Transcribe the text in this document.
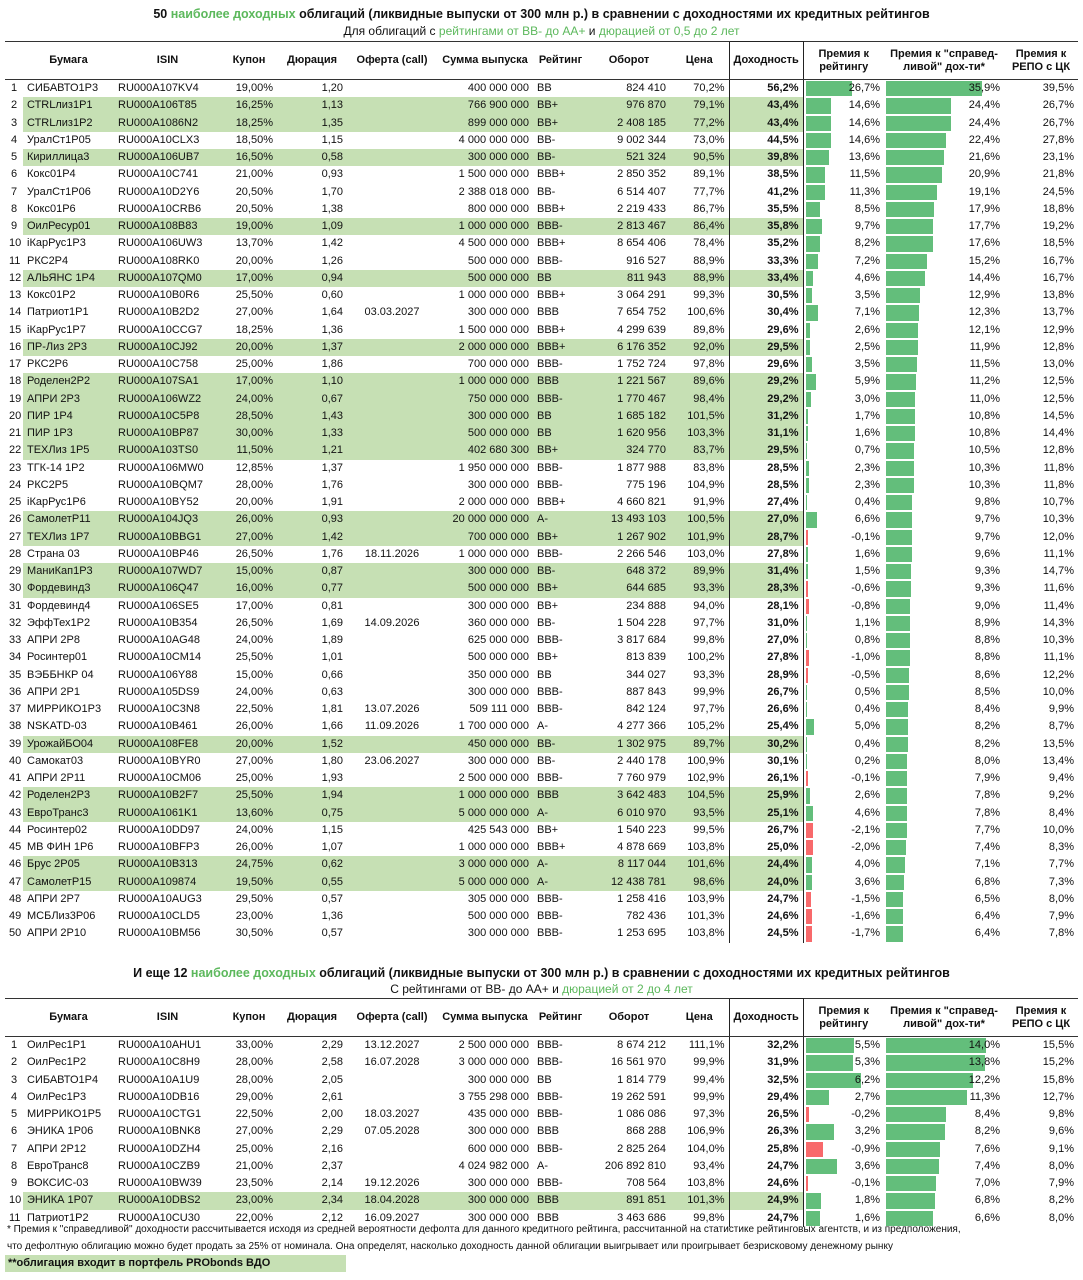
50 наиболее доходных облигаций (ликвидные выпуски от 300 млн р.) в сравнении с доходностями их кредитных рейтингов
Для облигаций с рейтингами от BB- до AA+ и дюрацией от 0,5 до 2 лет
	Бумага	ISIN	Купон	Дюрация	Оферта (call)	Сумма выпуска	Рейтинг	Оборот	Цена	Доходность	Премия к рейтингу	Премия к "справед-ливой" дох-ти*	Премия к РЕПО с ЦК
1	СИБАВТО1Р3	RU000A107KV4	19,00%	1,20		400 000 000	BB	824 410	70,2%	56,2%	26,7%	35,9%	39,5%
2	СТRLлиз1P1	RU000A106T85	16,25%	1,13		766 900 000	BB+	976 870	79,1%	43,4%	14,6%	24,4%	26,7%
3	СТRLлиз1P2	RU000A1086N2	18,25%	1,35		899 000 000	BB+	2 408 185	77,2%	43,4%	14,6%	24,4%	26,7%
4	УралСт1Р05	RU000A10CLX3	18,50%	1,15		4 000 000 000	BB-	9 002 344	73,0%	44,5%	14,6%	22,4%	27,8%
5	Кириллица3	RU000A106UB7	16,50%	0,58		300 000 000	BB-	521 324	90,5%	39,8%	13,6%	21,6%	23,1%
6	Кокс01Р4	RU000A10C741	21,00%	0,93		1 500 000 000	BBB+	2 850 352	89,1%	38,5%	11,5%	20,9%	21,8%
7	УралСт1Р06	RU000A10D2Y6	20,50%	1,70		2 388 018 000	BB-	6 514 407	77,7%	41,2%	11,3%	19,1%	24,5%
8	Кокс01Р6	RU000A10CRB6	20,50%	1,38		800 000 000	BBB+	2 219 433	86,7%	35,5%	8,5%	17,9%	18,8%
9	ОилРесур01	RU000A108B83	19,00%	1,09		1 000 000 000	BBB-	2 813 467	86,4%	35,8%	9,7%	17,7%	19,2%
10	iКарРус1Р3	RU000A106UW3	13,70%	1,42		4 500 000 000	BBB+	8 654 406	78,4%	35,2%	8,2%	17,6%	18,5%
11	РКС2Р4	RU000A108RK0	20,00%	1,26		500 000 000	BBB-	916 527	88,9%	33,3%	7,2%	15,2%	16,7%
12	АЛЬЯНС 1Р4	RU000A107QM0	17,00%	0,94		500 000 000	BB	811 943	88,9%	33,4%	4,6%	14,4%	16,7%
13	Кокс01Р2	RU000A10B0R6	25,50%	0,60		1 000 000 000	BBB+	3 064 291	99,3%	30,5%	3,5%	12,9%	13,8%
14	Патриот1Р1	RU000A10B2D2	27,00%	1,64	03.03.2027	300 000 000	BBB	7 654 752	100,6%	30,4%	7,1%	12,3%	13,7%
15	iКарРус1Р7	RU000A10CCG7	18,25%	1,36		1 500 000 000	BBB+	4 299 639	89,8%	29,6%	2,6%	12,1%	12,9%
16	ПР-Лиз 2Р3	RU000A10CJ92	20,00%	1,37		2 000 000 000	BBB+	6 176 352	92,0%	29,5%	2,5%	11,9%	12,8%
17	РКС2Р6	RU000A10C758	25,00%	1,86		700 000 000	BBB-	1 752 724	97,8%	29,6%	3,5%	11,5%	13,0%
18	Роделен2Р2	RU000A107SA1	17,00%	1,10		1 000 000 000	BBB	1 221 567	89,6%	29,2%	5,9%	11,2%	12,5%
19	АПРИ 2Р3	RU000A106WZ2	24,00%	0,67		750 000 000	BBB-	1 770 467	98,4%	29,2%	3,0%	11,0%	12,5%
20	ПИР 1Р4	RU000A10C5P8	28,50%	1,43		300 000 000	BB	1 685 182	101,5%	31,2%	1,7%	10,8%	14,5%
21	ПИР 1Р3	RU000A10BP87	30,00%	1,33		500 000 000	BB	1 620 956	103,3%	31,1%	1,6%	10,8%	14,4%
22	ТЕХЛиз 1Р5	RU000A103TS0	11,50%	1,21		402 680 300	BB+	324 770	83,7%	29,5%	0,7%	10,5%	12,8%
23	ТГК-14 1Р2	RU000A106MW0	12,85%	1,37		1 950 000 000	BBB-	1 877 988	83,8%	28,5%	2,3%	10,3%	11,8%
24	РКС2Р5	RU000A10BQM7	28,00%	1,76		300 000 000	BBB-	775 196	104,9%	28,5%	2,3%	10,3%	11,8%
25	iКарРус1Р6	RU000A10BY52	20,00%	1,91		2 000 000 000	BBB+	4 660 821	91,9%	27,4%	0,4%	9,8%	10,7%
26	СамолетР11	RU000A104JQ3	26,00%	0,93		20 000 000 000	A-	13 493 103	100,5%	27,0%	6,6%	9,7%	10,3%
27	ТЕХЛиз 1Р7	RU000A10BBG1	27,00%	1,42		700 000 000	BB+	1 267 902	101,9%	28,7%	-0,1%	9,7%	12,0%
28	Страна 03	RU000A10BP46	26,50%	1,76	18.11.2026	1 000 000 000	BBB-	2 266 546	103,0%	27,8%	1,6%	9,6%	11,1%
29	МаниКап1Р3	RU000A107WD7	15,00%	0,87		300 000 000	BB-	648 372	89,9%	31,4%	1,5%	9,3%	14,7%
30	Фордевинд3	RU000A106Q47	16,00%	0,77		500 000 000	BB+	644 685	93,3%	28,3%	-0,6%	9,3%	11,6%
31	Фордевинд4	RU000A106SE5	17,00%	0,81		300 000 000	BB+	234 888	94,0%	28,1%	-0,8%	9,0%	11,4%
32	ЭффТех1Р2	RU000A10B354	26,50%	1,69	14.09.2026	360 000 000	BB-	1 504 228	97,7%	31,0%	1,1%	8,9%	14,3%
33	АПРИ 2Р8	RU000A10AG48	24,00%	1,89		625 000 000	BBB-	3 817 684	99,8%	27,0%	0,8%	8,8%	10,3%
34	Росинтер01	RU000A10CM14	25,50%	1,01		500 000 000	BB+	813 839	100,2%	27,8%	-1,0%	8,8%	11,1%
35	ВЭББНКР 04	RU000A106Y88	15,00%	0,66		350 000 000	BB	344 027	93,3%	28,9%	-0,5%	8,6%	12,2%
36	АПРИ 2Р1	RU000A105DS9	24,00%	0,63		300 000 000	BBB-	887 843	99,9%	26,7%	0,5%	8,5%	10,0%
37	МИРРИКО1Р3	RU000A10C3N8	22,50%	1,81	13.07.2026	509 111 000	BBB-	842 124	97,7%	26,6%	0,4%	8,4%	9,9%
38	NSKATD-03	RU000A10B461	26,00%	1,66	11.09.2026	1 700 000 000	A-	4 277 366	105,2%	25,4%	5,0%	8,2%	8,7%
39	УрожайБО04	RU000A108FE8	20,00%	1,52		450 000 000	BB-	1 302 975	89,7%	30,2%	0,4%	8,2%	13,5%
40	Самокат03	RU000A10BYR0	27,00%	1,80	23.06.2027	300 000 000	BB-	2 440 178	100,9%	30,1%	0,2%	8,0%	13,4%
41	АПРИ 2Р11	RU000A10CM06	25,00%	1,93		2 500 000 000	BBB-	7 760 979	102,9%	26,1%	-0,1%	7,9%	9,4%
42	Роделен2Р3	RU000A10B2F7	25,50%	1,94		1 000 000 000	BBB	3 642 483	104,5%	25,9%	2,6%	7,8%	9,2%
43	ЕвроТранс3	RU000A1061K1	13,60%	0,75		5 000 000 000	A-	6 010 970	93,5%	25,1%	4,6%	7,8%	8,4%
44	Росинтер02	RU000A10DD97	24,00%	1,15		425 543 000	BB+	1 540 223	99,5%	26,7%	-2,1%	7,7%	10,0%
45	МВ ФИН 1Р6	RU000A10BFP3	26,00%	1,07		1 000 000 000	BBB+	4 878 669	103,8%	25,0%	-2,0%	7,4%	8,3%
46	Брус 2Р05	RU000A10B313	24,75%	0,62		3 000 000 000	A-	8 117 044	101,6%	24,4%	4,0%	7,1%	7,7%
47	СамолетР15	RU000A109874	19,50%	0,55		5 000 000 000	A-	12 438 781	98,6%	24,0%	3,6%	6,8%	7,3%
48	АПРИ 2Р7	RU000A10AUG3	29,50%	0,57		305 000 000	BBB-	1 258 416	103,9%	24,7%	-1,5%	6,5%	8,0%
49	МСБЛиз3Р06	RU000A10CLD5	23,00%	1,36		500 000 000	BBB-	782 436	101,3%	24,6%	-1,6%	6,4%	7,9%
50	АПРИ 2Р10	RU000A10BM56	30,50%	0,57		300 000 000	BBB-	1 253 695	103,8%	24,5%	-1,7%	6,4%	7,8%
И еще 12 наиболее доходных облигаций (ликвидные выпуски от 300 млн р.) в сравнении с доходностями их кредитных рейтингов
С рейтингами от BB- до AA+ и дюрацией от 2 до 4 лет
	Бумага	ISIN	Купон	Дюрация	Оферта (call)	Сумма выпуска	Рейтинг	Оборот	Цена	Доходность	Премия к рейтингу	Премия к "справед-ливой" дох-ти*	Премия к РЕПО с ЦК
1	ОилРес1Р1	RU000A10AHU1	33,00%	2,29	13.12.2027	2 500 000 000	BBB-	8 674 212	111,1%	32,2%	5,5%	14,0%	15,5%
2	ОилРес1Р2	RU000A10C8H9	28,00%	2,58	16.07.2028	3 000 000 000	BBB-	16 561 970	99,9%	31,9%	5,3%	13,8%	15,2%
3	СИБАВТО1Р4	RU000A10A1U9	28,00%	2,05		300 000 000	BB	1 814 779	99,4%	32,5%	6,2%	12,2%	15,8%
4	ОилРес1Р3	RU000A10DB16	29,00%	2,61		3 755 298 000	BBB-	19 262 591	99,9%	29,4%	2,7%	11,3%	12,7%
5	МИРРИКО1Р5	RU000A10CTG1	22,50%	2,00	18.03.2027	435 000 000	BBB-	1 086 086	97,3%	26,5%	-0,2%	8,4%	9,8%
6	ЭНИКА 1Р06	RU000A10BNK8	27,00%	2,29	07.05.2028	300 000 000	BBB	868 288	106,9%	26,3%	3,2%	8,2%	9,6%
7	АПРИ 2Р12	RU000A10DZH4	25,00%	2,16		600 000 000	BBB-	2 825 264	104,0%	25,8%	-0,9%	7,6%	9,1%
8	ЕвроТранс8	RU000A10CZB9	21,00%	2,37		4 024 982 000	A-	206 892 810	93,4%	24,7%	3,6%	7,4%	8,0%
9	ВОКСИС-03	RU000A10BW39	23,50%	2,14	19.12.2026	300 000 000	BBB-	708 564	103,8%	24,6%	-0,1%	7,0%	7,9%
10	ЭНИКА 1Р07	RU000A10DBS2	23,00%	2,34	18.04.2028	300 000 000	BBB	891 851	101,3%	24,9%	1,8%	6,8%	8,2%
11	Патриот1Р2	RU000A10CU30	22,00%	2,12	16.09.2027	300 000 000	BBB	3 463 686	99,8%	24,7%	1,6%	6,6%	8,0%
* Премия к "справедливой" доходности рассчитывается исходя из средней вероятности дефолта для данного кредитного рейтинга, рассчитанной на статистике рейтинговых агентств, и из предположения,
что дефолтную облигацию можно будет продать за 25% от номинала. Она определят, насколько доходность данной облигации выигрывает или проигрывает безрисковому денежному рынку
**облигация входит в портфель PRObonds ВДО
